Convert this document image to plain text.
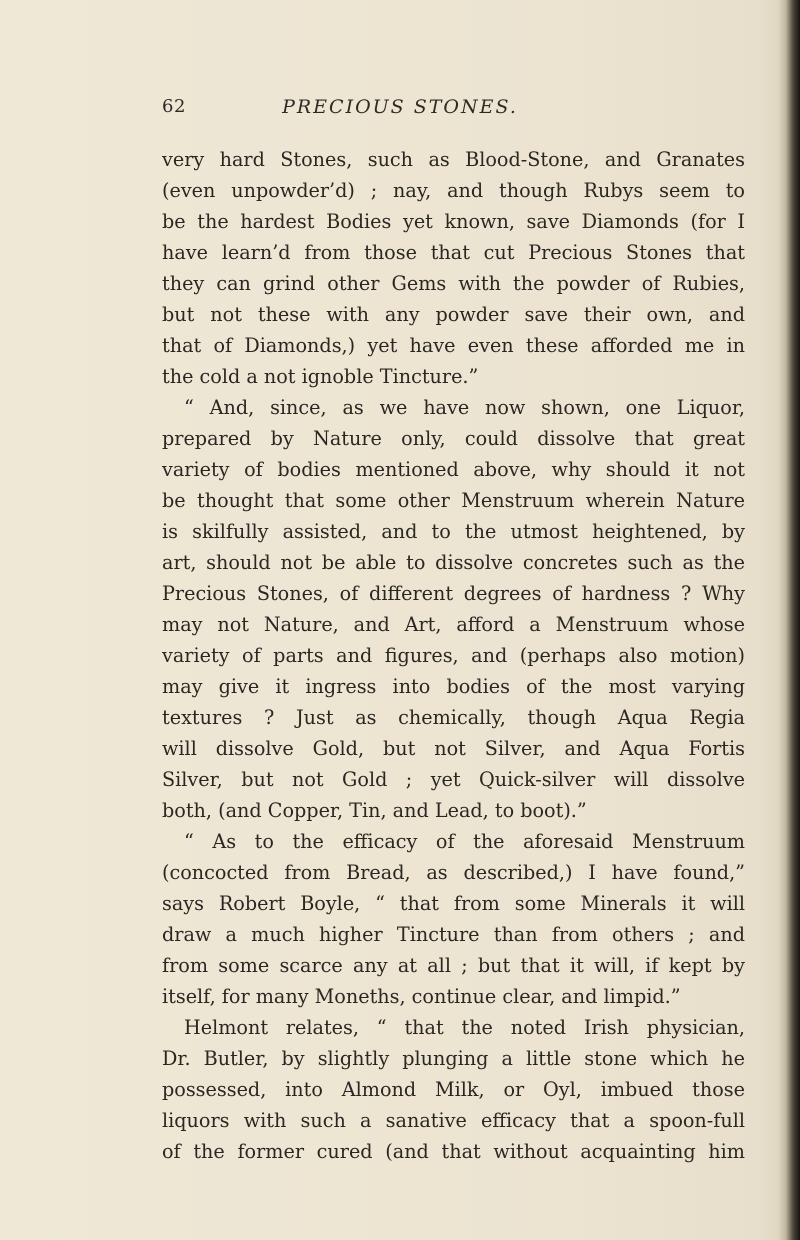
62	PRECIOUS STONES.
very hard Stones, such as Blood-Stone, and Granates
(even unpowder’d) ; nay, and though Rubys seem to
be the hardest Bodies yet known, save Diamonds (for I
have learn’d from those that cut Precious Stones that
they can grind other Gems with the powder of Rubies,
but not these with any powder save their own, and
that of Diamonds,) yet have even these afforded me in
the cold a not ignoble Tincture.”
“ And, since, as we have now shown, one Liquor,
prepared by Nature only, could dissolve that great
variety of bodies mentioned above, why should it not
be thought that some other Menstruum wherein Nature
is skilfully assisted, and to the utmost heightened, by
art, should not be able to dissolve concretes such as the
Precious Stones, of different degrees of hardness ? Why
may not Nature, and Art, afford a Menstruum whose
variety of parts and figures, and (perhaps also motion)
may give it ingress into bodies of the most varying
textures ? Just as chemically, though Aqua Regia
will dissolve Gold, but not Silver, and Aqua Fortis
Silver, but not Gold ; yet Quick-silver will dissolve
both, (and Copper, Tin, and Lead, to boot).”
“ As to the efficacy of the aforesaid Menstruum
(concocted from Bread, as described,) I have found,”
says Robert Boyle, “ that from some Minerals it will
draw a much higher Tincture than from others ; and
from some scarce any at all ; but that it will, if kept by
itself, for many Moneths, continue clear, and limpid.”
Helmont relates, “ that the noted Irish physician,
Dr. Butler, by slightly plunging a little stone which he
possessed, into Almond Milk, or Oyl, imbued those
liquors with such a sanative efficacy that a spoon-full
of the former cured (and that without acquainting him
